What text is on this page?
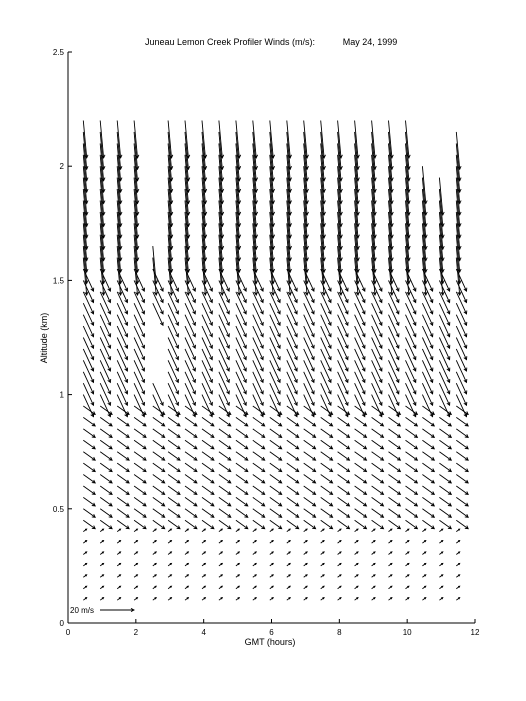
Juneau Lemon Creek Profiler Winds (m/s):	May 24, 1999
0	2	4	6	8	10	12
0
0.5
1
1.5
2
2.5
20 m/s
GMT (hours)
Altitude (km)
